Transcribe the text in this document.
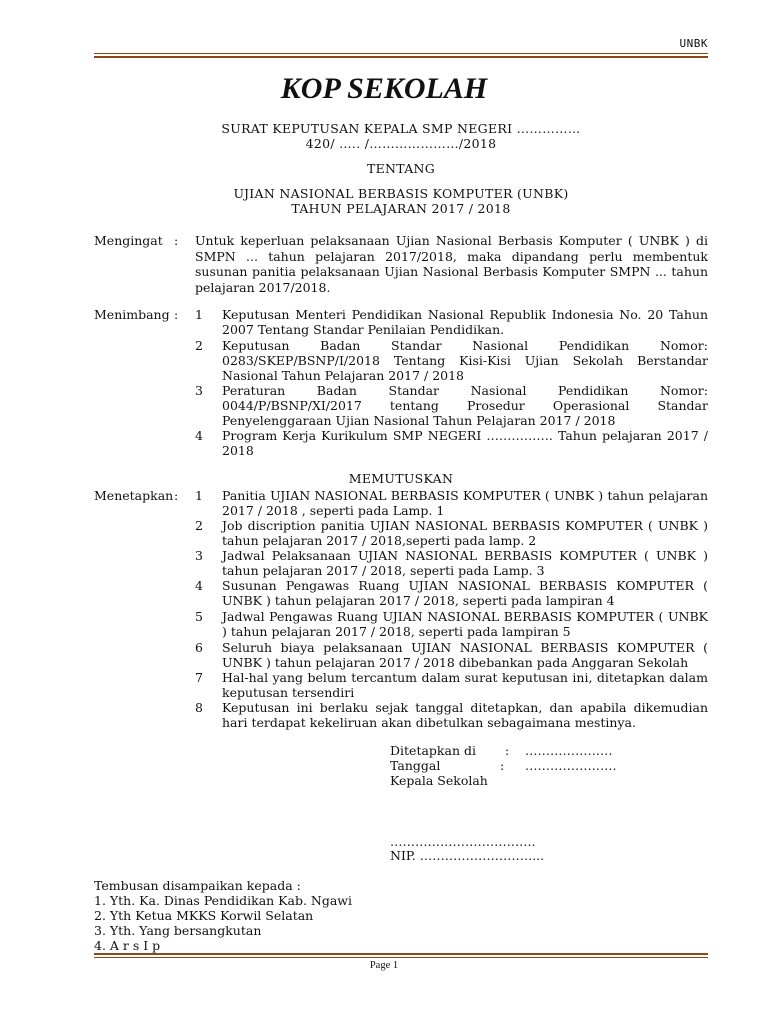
UNBK
KOP SEKOLAH
SURAT KEPUTUSAN KEPALA SMP NEGERI ……………
420/ ….. /…………………/2018
TENTANG
UJIAN NASIONAL BERBASIS KOMPUTER (UNBK)
TAHUN PELAJARAN 2017 / 2018
Mengingat : Untuk keperluan pelaksanaan Ujian Nasional Berbasis Komputer ( UNBK ) di SMPN ... tahun pelajaran 2017/2018, maka dipandang perlu membentuk susunan panitia pelaksanaan Ujian Nasional Berbasis Komputer SMPN ... tahun pelajaran 2017/2018.
Menimbang : 1 Keputusan Menteri Pendidikan Nasional Republik Indonesia No. 20 Tahun 2007 Tentang Standar Penilaian Pendidikan.
2 Keputusan Badan Standar Nasional Pendidikan Nomor: 0283/SKEP/BSNP/I/2018 Tentang Kisi-Kisi Ujian Sekolah Berstandar Nasional Tahun Pelajaran 2017 / 2018
3 Peraturan Badan Standar Nasional Pendidikan Nomor: 0044/P/BSNP/XI/2017 tentang Prosedur Operasional Standar Penyelenggaraan Ujian Nasional Tahun Pelajaran 2017 / 2018
4 Program Kerja Kurikulum SMP NEGERI ……………. Tahun pelajaran 2017 / 2018
MEMUTUSKAN
Menetapkan : 1 Panitia UJIAN NASIONAL BERBASIS KOMPUTER ( UNBK ) tahun pelajaran 2017 / 2018 , seperti pada Lamp. 1
2 Job discription panitia UJIAN NASIONAL BERBASIS KOMPUTER ( UNBK ) tahun pelajaran 2017 / 2018,seperti pada lamp. 2
3 Jadwal Pelaksanaan UJIAN NASIONAL BERBASIS KOMPUTER ( UNBK ) tahun pelajaran 2017 / 2018, seperti pada Lamp. 3
4 Susunan Pengawas Ruang UJIAN NASIONAL BERBASIS KOMPUTER ( UNBK ) tahun pelajaran 2017 / 2018, seperti pada lampiran 4
5 Jadwal Pengawas Ruang UJIAN NASIONAL BERBASIS KOMPUTER ( UNBK ) tahun pelajaran 2017 / 2018, seperti pada lampiran 5
6 Seluruh biaya pelaksanaan UJIAN NASIONAL BERBASIS KOMPUTER ( UNBK ) tahun pelajaran 2017 / 2018 dibebankan pada Anggaran Sekolah
7 Hal-hal yang belum tercantum dalam surat keputusan ini, ditetapkan dalam keputusan tersendiri
8 Keputusan ini berlaku sejak tanggal ditetapkan, dan apabila dikemudian hari terdapat kekeliruan akan dibetulkan sebagaimana mestinya.
Ditetapkan di : …………………
Tanggal	: ………………….
Kepala Sekolah
……………………………..
NIP. ………………………...
Tembusan disampaikan kepada :
1. Yth. Ka. Dinas Pendidikan Kab. Ngawi
2. Yth Ketua MKKS Korwil Selatan
3. Yth. Yang bersangkutan
4. A r s I p
Page 1
